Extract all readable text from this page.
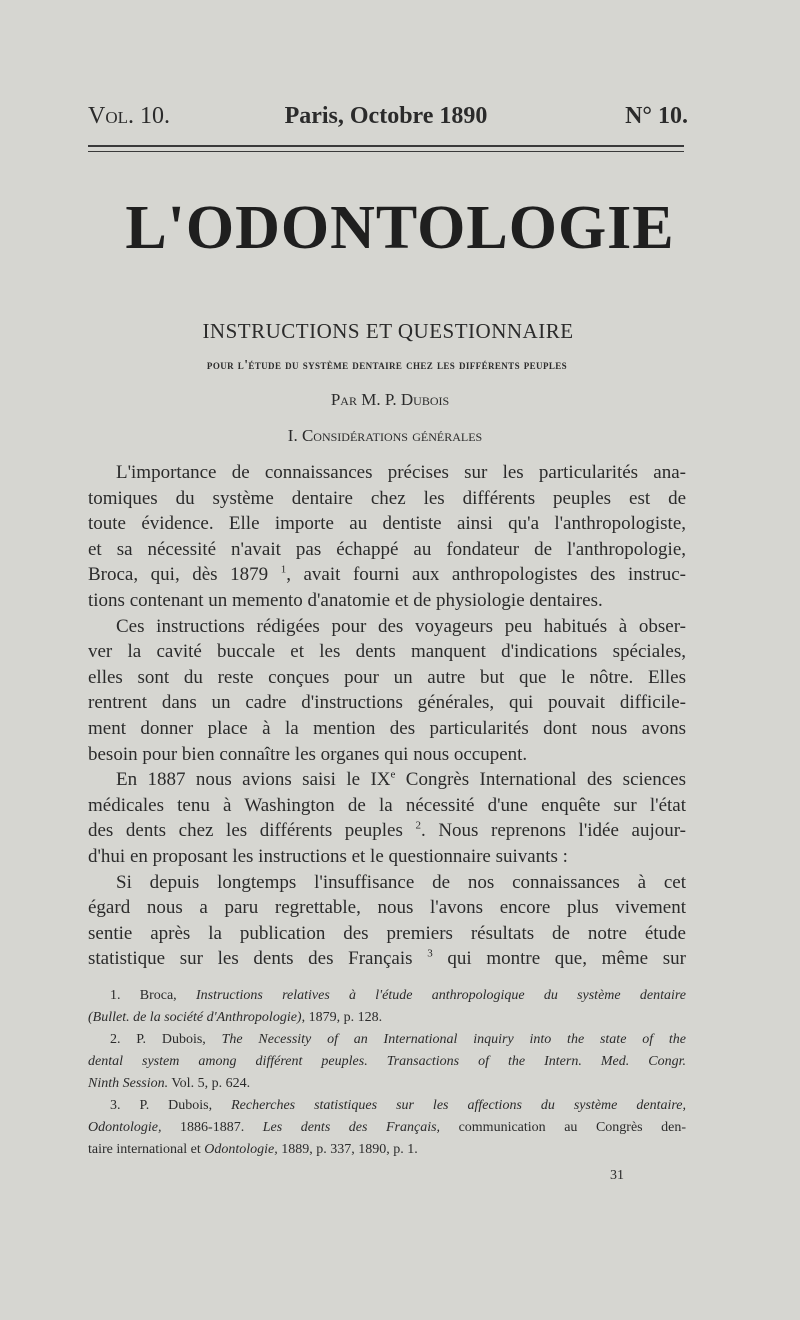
Vol. 10.	Paris, Octobre 1890	N° 10.
L'ODONTOLOGIE
INSTRUCTIONS ET QUESTIONNAIRE
pour l'étude du système dentaire chez les différents peuples
Par M. P. Dubois
I. Considérations générales
L'importance de connaissances précises sur les particularités ana-
tomiques du système dentaire chez les différents peuples est de
toute évidence. Elle importe au dentiste ainsi qu'a l'anthropologiste,
et sa nécessité n'avait pas échappé au fondateur de l'anthropologie,
Broca, qui, dès 1879 $^1$, avait fourni aux anthropologistes des instruc-
tions contenant un memento d'anatomie et de physiologie dentaires.
Ces instructions rédigées pour des voyageurs peu habitués à obser-
ver la cavité buccale et les dents manquent d'indications spéciales,
elles sont du reste conçues pour un autre but que le nôtre. Elles
rentrent dans un cadre d'instructions générales, qui pouvait difficile-
ment donner place à la mention des particularités dont nous avons
besoin pour bien connaître les organes qui nous occupent.
En 1887 nous avions saisi le IXe Congrès International des sciences
médicales tenu à Washington de la nécessité d'une enquête sur l'état
des dents chez les différents peuples $^2$. Nous reprenons l'idée aujour-
d'hui en proposant les instructions et le questionnaire suivants :
Si depuis longtemps l'insuffisance de nos connaissances à cet
égard nous a paru regrettable, nous l'avons encore plus vivement
sentie après la publication des premiers résultats de notre étude
statistique sur les dents des Français $^3$ qui montre que, même sur
1. Broca, Instructions relatives à l'étude anthropologique du système dentaire
(Bullet. de la société d'Anthropologie), 1879, p. 128.
2. P. Dubois, The Necessity of an International inquiry into the state of the
dental system among différent peuples. Transactions of the Intern. Med. Congr.
Ninth Session. Vol. 5, p. 624.
3. P. Dubois, Recherches statistiques sur les affections du système dentaire,
Odontologie, 1886-1887. Les dents des Français, communication au Congrès den-
taire international et Odontologie, 1889, p. 337, 1890, p. 1.
31
